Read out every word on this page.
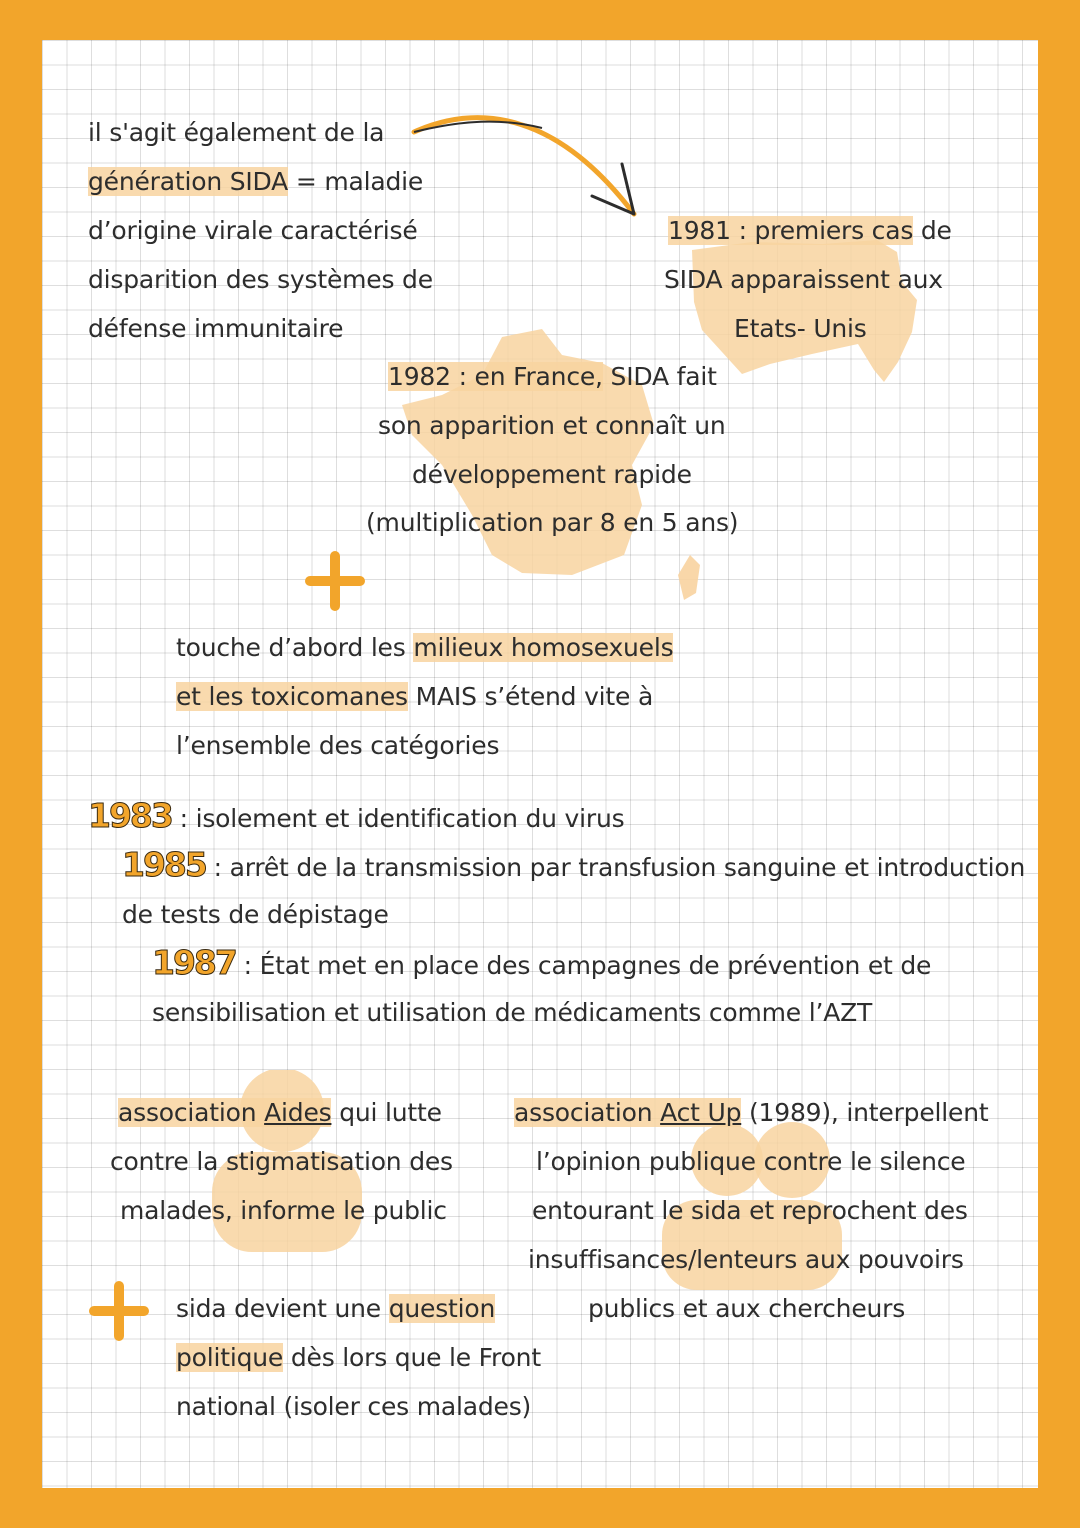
il s'agit également de la
génération SIDA = maladie
d’origine virale caractérisé
disparition des systèmes de
défense immunitaire
1981 : premiers cas de
SIDA apparaissent aux
Etats- Unis
1982 : en France, SIDA fait
son apparition et connaît un
développement rapide
(multiplication par 8 en 5 ans)
touche d’abord les milieux homosexuels
et les toxicomanes MAIS s’étend vite à
l’ensemble des catégories
1983 : isolement et identification du virus
1985 : arrêt de la transmission par transfusion sanguine et introduction
de tests de dépistage
1987 : État met en place des campagnes de prévention et de
sensibilisation et utilisation de médicaments comme l’AZT
association Aides qui lutte
contre la stigmatisation des
malades, informe le public
association Act Up (1989), interpellent
l’opinion publique contre le silence
entourant le sida et reprochent des
insuffisances/lenteurs aux pouvoirs
publics et aux chercheurs
sida devient une question
politique dès lors que le Front
national (isoler ces malades)
